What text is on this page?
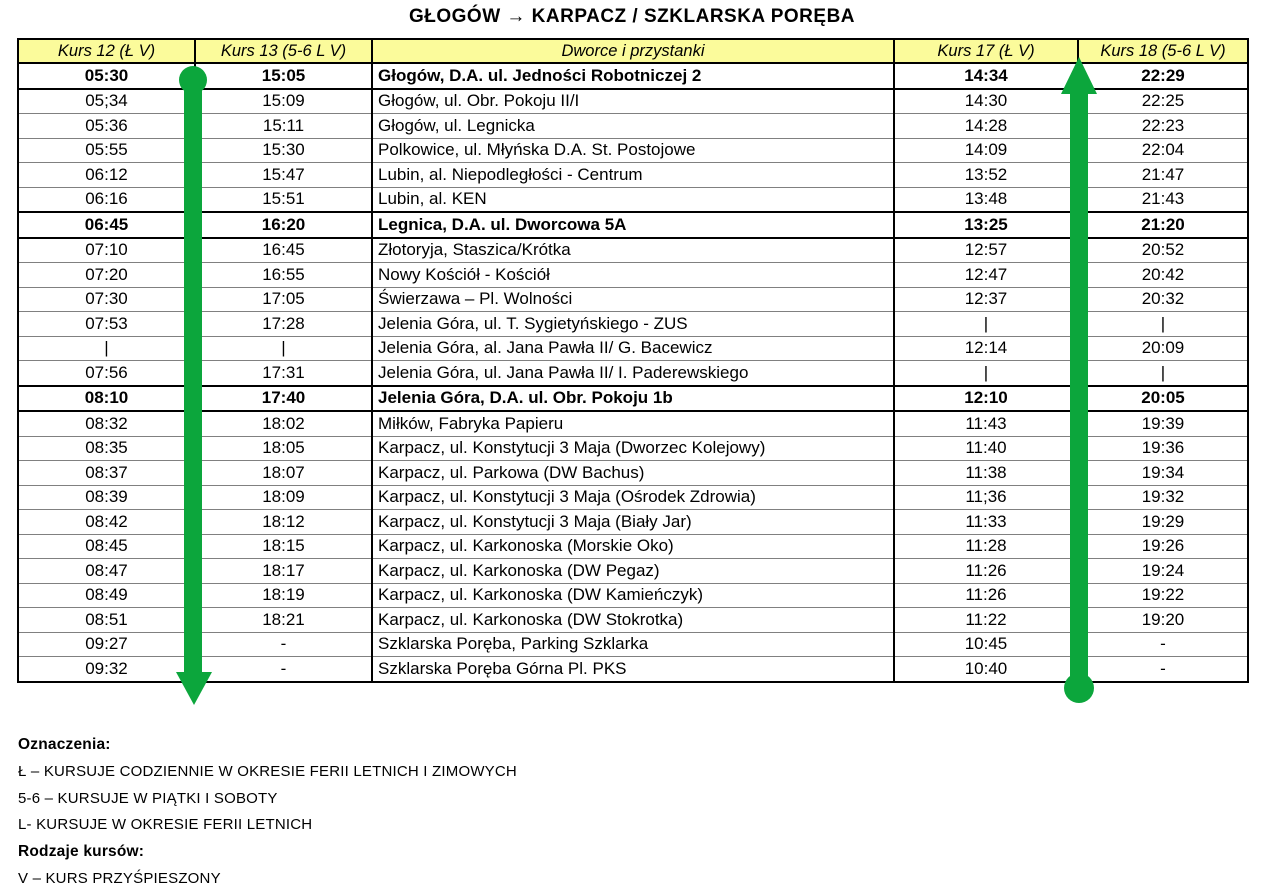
GŁOGÓW → KARPACZ / SZKLARSKA PORĘBA
Kurs 12 (Ł V)	Kurs 13 (5-6 L V)	Dworce i przystanki	Kurs 17 (Ł V)	Kurs 18 (5-6 L V)
05:30	15:05	Głogów, D.A. ul. Jedności Robotniczej 2	14:34	22:29
05;34	15:09	Głogów, ul. Obr. Pokoju II/I	14:30	22:25
05:36	15:11	Głogów, ul. Legnicka	14:28	22:23
05:55	15:30	Polkowice, ul. Młyńska D.A. St. Postojowe	14:09	22:04
06:12	15:47	Lubin, al. Niepodległości - Centrum	13:52	21:47
06:16	15:51	Lubin, al. KEN	13:48	21:43
06:45	16:20	Legnica, D.A. ul. Dworcowa 5A	13:25	21:20
07:10	16:45	Złotoryja, Staszica/Krótka	12:57	20:52
07:20	16:55	Nowy Kościół - Kościół	12:47	20:42
07:30	17:05	Świerzawa – Pl. Wolności	12:37	20:32
07:53	17:28	Jelenia Góra, ul. T. Sygietyńskiego - ZUS	|	|
|	|	Jelenia Góra, al. Jana Pawła II/ G. Bacewicz	12:14	20:09
07:56	17:31	Jelenia Góra, ul. Jana Pawła II/ I. Paderewskiego	|	|
08:10	17:40	Jelenia Góra, D.A. ul. Obr. Pokoju 1b	12:10	20:05
08:32	18:02	Miłków, Fabryka Papieru	11:43	19:39
08:35	18:05	Karpacz, ul. Konstytucji 3 Maja (Dworzec Kolejowy)	11:40	19:36
08:37	18:07	Karpacz, ul. Parkowa (DW Bachus)	11:38	19:34
08:39	18:09	Karpacz, ul. Konstytucji 3 Maja (Ośrodek Zdrowia)	11;36	19:32
08:42	18:12	Karpacz, ul. Konstytucji 3 Maja (Biały Jar)	11:33	19:29
08:45	18:15	Karpacz, ul. Karkonoska (Morskie Oko)	11:28	19:26
08:47	18:17	Karpacz, ul. Karkonoska (DW Pegaz)	11:26	19:24
08:49	18:19	Karpacz, ul. Karkonoska (DW Kamieńczyk)	11:26	19:22
08:51	18:21	Karpacz, ul. Karkonoska (DW Stokrotka)	11:22	19:20
09:27	-	Szklarska Poręba, Parking Szklarka	10:45	-
09:32	-	Szklarska Poręba Górna Pl. PKS	10:40	-
Oznaczenia:
Ł – KURSUJE CODZIENNIE W OKRESIE FERII LETNICH I ZIMOWYCH
5-6 – KURSUJE W PIĄTKI I SOBOTY
L- KURSUJE W OKRESIE FERII LETNICH
Rodzaje kursów:
V – KURS PRZYŚPIESZONY
